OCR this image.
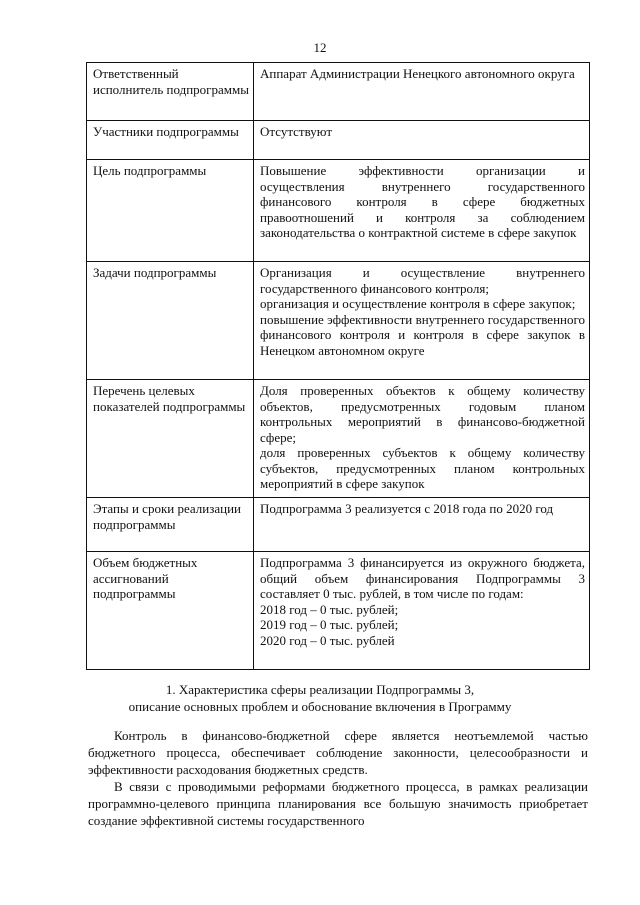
12
Ответственный исполнитель подпрограммы	Аппарат Администрации Ненецкого автономного округа

Участники подпрограммы	Отсутствуют

Цель подпрограммы	Повышение эффективности организации и осуществления внутреннего государственного финансового контроля в сфере бюджетных правоотношений и контроля за соблюдением законодательства о контрактной системе в сфере закупок

Задачи подпрограммы	Организация и осуществление внутреннего государственного финансового контроля;
организация и осуществление контроля в сфере закупок;
повышение эффективности внутреннего государственного финансового контроля и контроля в сфере закупок в Ненецком автономном округе

Перечень целевых показателей подпрограммы	Доля проверенных объектов к общему количеству объектов, предусмотренных годовым планом контрольных мероприятий в финансово-бюджетной сфере;
доля проверенных субъектов к общему количеству субъектов, предусмотренных планом контрольных мероприятий в сфере закупок

Этапы и сроки реализации подпрограммы	Подпрограмма 3 реализуется с 2018 года по 2020 год

Объем бюджетных ассигнований подпрограммы	Подпрограмма 3 финансируется из окружного бюджета, общий объем финансирования Подпрограммы 3 составляет 0 тыс. рублей, в том числе по годам:
2018 год – 0 тыс. рублей;
2019 год – 0 тыс. рублей;
2020 год – 0 тыс. рублей
1. Характеристика сферы реализации Подпрограммы 3,
описание основных проблем и обоснование включения в Программу

Контроль в финансово-бюджетной сфере является неотъемлемой частью бюджетного процесса, обеспечивает соблюдение законности, целесообразности и эффективности расходования бюджетных средств.

В связи с проводимыми реформами бюджетного процесса, в рамках реализации программно-целевого принципа планирования все большую значимость приобретает создание эффективной системы государственного
